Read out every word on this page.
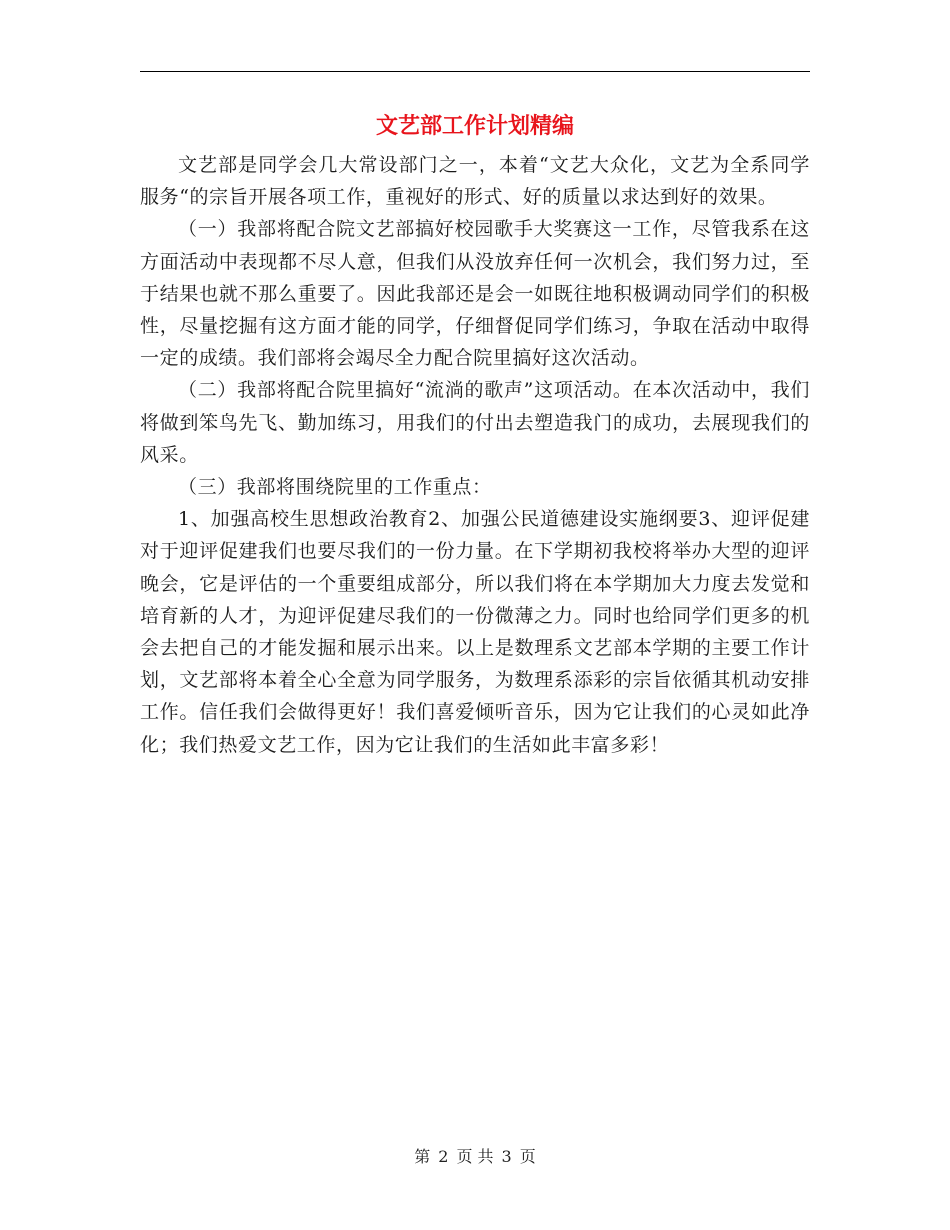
文艺部工作计划精编

文艺部是同学会几大常设部门之一，本着“文艺大众化，文艺为全系同学服务“的宗旨开展各项工作，重视好的形式、好的质量以求达到好的效果。

（一）我部将配合院文艺部搞好校园歌手大奖赛这一工作，尽管我系在这方面活动中表现都不尽人意，但我们从没放弃任何一次机会，我们努力过，至于结果也就不那么重要了。因此我部还是会一如既往地积极调动同学们的积极性，尽量挖掘有这方面才能的同学，仔细督促同学们练习，争取在活动中取得一定的成绩。我们部将会竭尽全力配合院里搞好这次活动。

（二）我部将配合院里搞好“流淌的歌声”这项活动。在本次活动中，我们将做到笨鸟先飞、勤加练习，用我们的付出去塑造我门的成功，去展现我们的风采。

（三）我部将围绕院里的工作重点：

1、加强高校生思想政治教育2、加强公民道德建设实施纲要3、迎评促建对于迎评促建我们也要尽我们的一份力量。在下学期初我校将举办大型的迎评晚会，它是评估的一个重要组成部分，所以我们将在本学期加大力度去发觉和培育新的人才，为迎评促建尽我们的一份微薄之力。同时也给同学们更多的机会去把自己的才能发掘和展示出来。以上是数理系文艺部本学期的主要工作计划，文艺部将本着全心全意为同学服务，为数理系添彩的宗旨依循其机动安排工作。信任我们会做得更好！我们喜爱倾听音乐，因为它让我们的心灵如此净化；我们热爱文艺工作，因为它让我们的生活如此丰富多彩！

第 2 页 共 3 页
